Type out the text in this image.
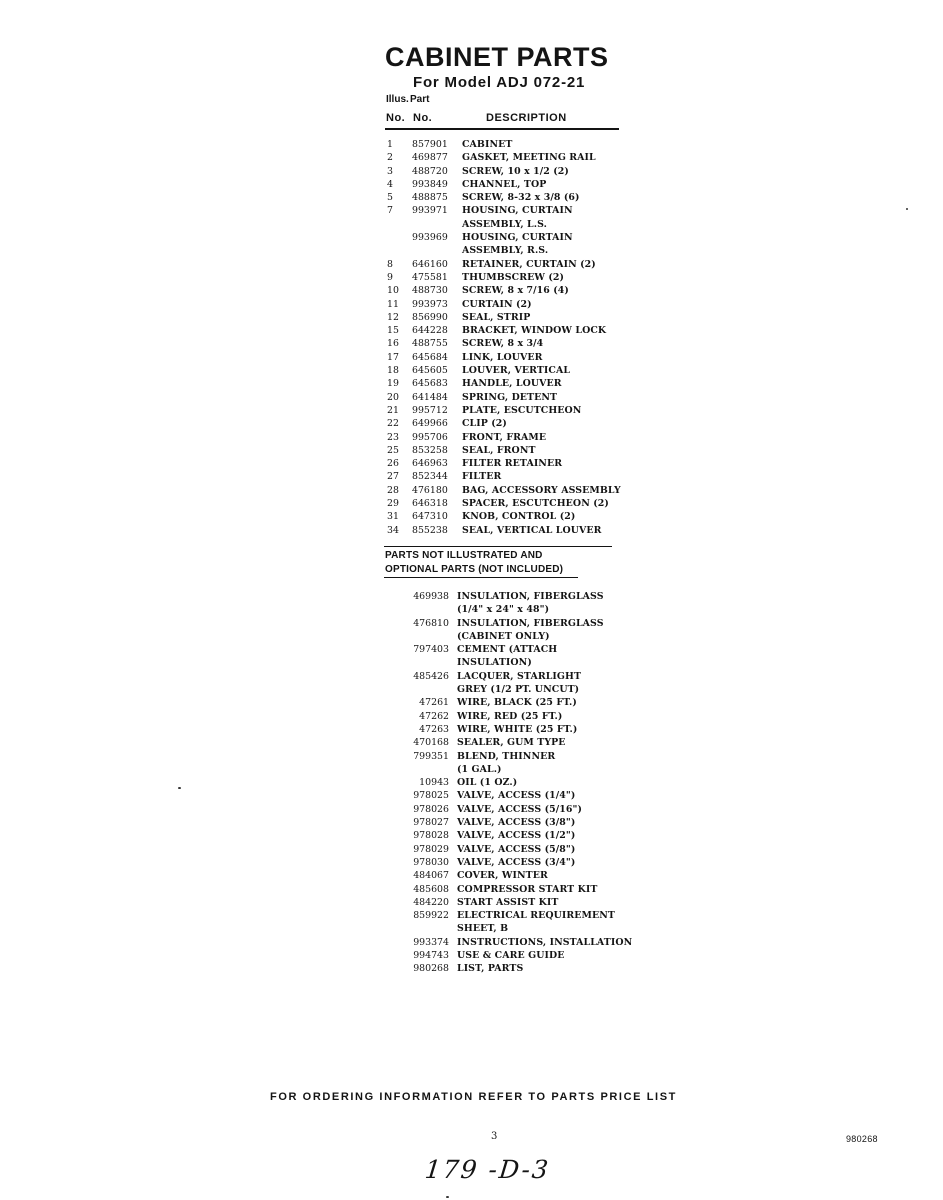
CABINET PARTS
For Model ADJ 072-21
Illus. Part
No. No.	DESCRIPTION
1	857901 CABINET
2	469877 GASKET, MEETING RAIL
3	488720 SCREW, 10 x 1/2 (2)
4	993849 CHANNEL, TOP
5	488875 SCREW, 8-32 x 3/8 (6)
7	993971 HOUSING, CURTAIN
ASSEMBLY, L.S.
993969 HOUSING, CURTAIN
ASSEMBLY, R.S.
8	646160 RETAINER, CURTAIN (2)
9	475581 THUMBSCREW (2)
10	488730 SCREW, 8 x 7/16 (4)
11	993973 CURTAIN (2)
12	856990 SEAL, STRIP
15	644228 BRACKET, WINDOW LOCK
16	488755 SCREW, 8 x 3/4
17	645684 LINK, LOUVER
18	645605 LOUVER, VERTICAL
19	645683 HANDLE, LOUVER
20	641484 SPRING, DETENT
21	995712 PLATE, ESCUTCHEON
22	649966 CLIP (2)
23	995706 FRONT, FRAME
25	853258 SEAL, FRONT
26	646963 FILTER RETAINER
27	852344 FILTER
28	476180 BAG, ACCESSORY ASSEMBLY
29	646318 SPACER, ESCUTCHEON (2)
31	647310 KNOB, CONTROL (2)
34	855238 SEAL, VERTICAL LOUVER
PARTS NOT ILLUSTRATED AND
OPTIONAL PARTS (NOT INCLUDED)
469938 INSULATION, FIBERGLASS
(1/4" x 24" x 48")
476810 INSULATION, FIBERGLASS
(CABINET ONLY)
797403 CEMENT (ATTACH
INSULATION)
485426 LACQUER, STARLIGHT
GREY (1/2 PT. UNCUT)
47261 WIRE, BLACK (25 FT.)
47262 WIRE, RED (25 FT.)
47263 WIRE, WHITE (25 FT.)
470168 SEALER, GUM TYPE
799351 BLEND, THINNER
(1 GAL.)
10943 OIL (1 OZ.)
978025 VALVE, ACCESS (1/4")
978026 VALVE, ACCESS (5/16")
978027 VALVE, ACCESS (3/8")
978028 VALVE, ACCESS (1/2")
978029 VALVE, ACCESS (5/8")
978030 VALVE, ACCESS (3/4")
484067 COVER, WINTER
485608 COMPRESSOR START KIT
484220 START ASSIST KIT
859922 ELECTRICAL REQUIREMENT
SHEET, B
993374 INSTRUCTIONS, INSTALLATION
994743 USE & CARE GUIDE
980268 LIST, PARTS
FOR ORDERING INFORMATION REFER TO PARTS PRICE LIST
3	980268
179 -D-3
